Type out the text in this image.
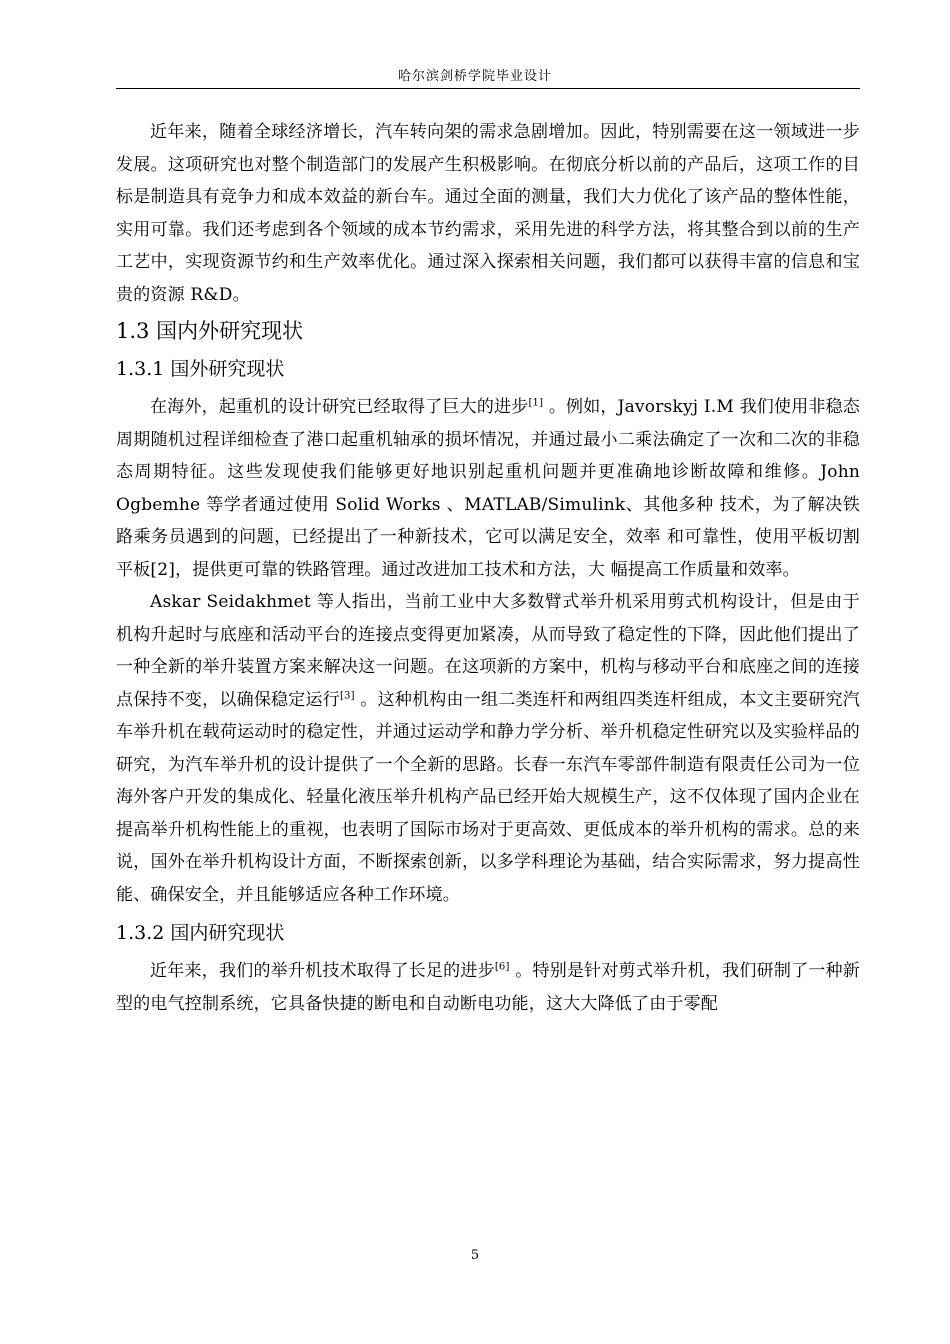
哈尔滨剑桥学院毕业设计

近年来，随着全球经济增长，汽车转向架的需求急剧增加。因此，特别需要在这一领域进一步发展。这项研究也对整个制造部门的发展产生积极影响。在彻底分析以前的产品后，这项工作的目标是制造具有竞争力和成本效益的新台车。通过全面的测量，我们大力优化了该产品的整体性能，实用可靠。我们还考虑到各个领域的成本节约需求，采用先进的科学方法，将其整合到以前的生产工艺中，实现资源节约和生产效率优化。通过深入探索相关问题，我们都可以获得丰富的信息和宝贵的资源 R&D。

1.3 国内外研究现状
1.3.1 国外研究现状

在海外，起重机的设计研究已经取得了巨大的进步[1] 。例如，Javorskyj I.M 我们使用非稳态周期随机过程详细检查了港口起重机轴承的损坏情况，并通过最小二乘法确定了一次和二次的非稳态周期特征。这些发现使我们能够更好地识别起重机问题并更准确地诊断故障和维修。John Ogbemhe 等学者通过使用 Solid Works 、MATLAB/Simulink、其他多种 技术，为了解决铁路乘务员遇到的问题，已经提出了一种新技术，它可以满足安全，效率 和可靠性，使用平板切割平板[2]，提供更可靠的铁路管理。通过改进加工技术和方法，大 幅提高工作质量和效率。

Askar Seidakhmet 等人指出，当前工业中大多数臂式举升机采用剪式机构设计，但是由于机构升起时与底座和活动平台的连接点变得更加紧凑，从而导致了稳定性的下降，因此他们提出了一种全新的举升装置方案来解决这一问题。在这项新的方案中，机构与移动平台和底座之间的连接点保持不变，以确保稳定运行[3] 。这种机构由一组二类连杆和两组四类连杆组成，本文主要研究汽车举升机在载荷运动时的稳定性，并通过运动学和静力学分析、举升机稳定性研究以及实验样品的研究，为汽车举升机的设计提供了一个全新的思路。长春一东汽车零部件制造有限责任公司为一位海外客户开发的集成化、轻量化液压举升机构产品已经开始大规模生产，这不仅体现了国内企业在提高举升机构性能上的重视，也表明了国际市场对于更高效、更低成本的举升机构的需求。总的来说，国外在举升机构设计方面，不断探索创新，以多学科理论为基础，结合实际需求，努力提高性能、确保安全，并且能够适应各种工作环境。

1.3.2 国内研究现状

近年来，我们的举升机技术取得了长足的进步[6] 。特别是针对剪式举升机，我们研制了一种新型的电气控制系统，它具备快捷的断电和自动断电功能，这大大降低了由于零配

5
